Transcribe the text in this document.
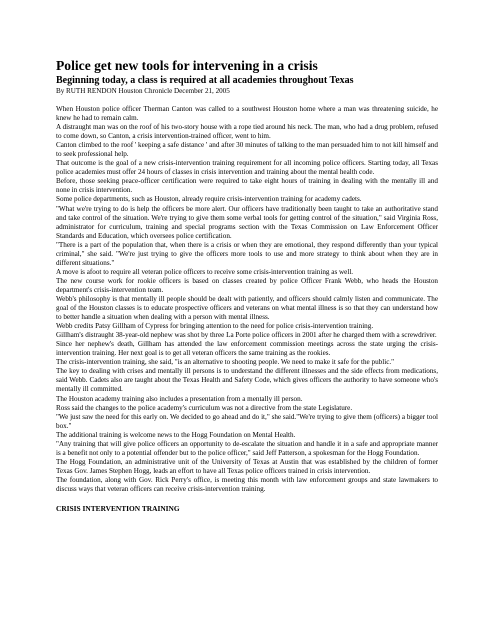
Police get new tools for intervening in a crisis
Beginning today, a class is required at all academies throughout Texas
By RUTH RENDON Houston Chronicle December 21, 2005

When Houston police officer Therman Canton was called to a southwest Houston home where a man was threatening suicide, he knew he had to remain calm.

A distraught man was on the roof of his two-story house with a rope tied around his neck. The man, who had a drug problem, refused to come down, so Canton, a crisis intervention-trained officer, went to him.

Canton climbed to the roof ' keeping a safe distance ' and after 30 minutes of talking to the man persuaded him to not kill himself and to seek professional help.

That outcome is the goal of a new crisis-intervention training requirement for all incoming police officers. Starting today, all Texas police academies must offer 24 hours of classes in crisis intervention and training about the mental health code.

Before, those seeking peace-officer certification were required to take eight hours of training in dealing with the mentally ill and none in crisis intervention.

Some police departments, such as Houston, already require crisis-intervention training for academy cadets.

"What we're trying to do is help the officers be more alert. Our officers have traditionally been taught to take an authoritative stand and take control of the situation. We're trying to give them some verbal tools for getting control of the situation," said Virginia Ross, administrator for curriculum, training and special programs section with the Texas Commission on Law Enforcement Officer Standards and Education, which oversees police certification.

"There is a part of the population that, when there is a crisis or when they are emotional, they respond differently than your typical criminal," she said. "We're just trying to give the officers more tools to use and more strategy to think about when they are in different situations."

A move is afoot to require all veteran police officers to receive some crisis-intervention training as well.

The new course work for rookie officers is based on classes created by police Officer Frank Webb, who heads the Houston department's crisis-intervention team.

Webb's philosophy is that mentally ill people should be dealt with patiently, and officers should calmly listen and communicate. The goal of the Houston classes is to educate prospective officers and veterans on what mental illness is so that they can understand how to better handle a situation when dealing with a person with mental illness.

Webb credits Patsy Gillham of Cypress for bringing attention to the need for police crisis-intervention training.

Gillham's distraught 38-year-old nephew was shot by three La Porte police officers in 2001 after he charged them with a screwdriver.

Since her nephew's death, Gillham has attended the law enforcement commission meetings across the state urging the crisis-intervention training. Her next goal is to get all veteran officers the same training as the rookies.

The crisis-intervention training, she said, "is an alternative to shooting people. We need to make it safe for the public."

The key to dealing with crises and mentally ill persons is to understand the different illnesses and the side effects from medications, said Webb. Cadets also are taught about the Texas Health and Safety Code, which gives officers the authority to have someone who's mentally ill committed.

The Houston academy training also includes a presentation from a mentally ill person.

Ross said the changes to the police academy's curriculum was not a directive from the state Legislature.

"We just saw the need for this early on. We decided to go ahead and do it," she said."We're trying to give them (officers) a bigger tool box."

The additional training is welcome news to the Hogg Foundation on Mental Health.

"Any training that will give police officers an opportunity to de-escalate the situation and handle it in a safe and appropriate manner is a benefit not only to a potential offender but to the police officer," said Jeff Patterson, a spokesman for the Hogg Foundation.

The Hogg Foundation, an administrative unit of the University of Texas at Austin that was established by the children of former Texas Gov. James Stephen Hogg, leads an effort to have all Texas police officers trained in crisis intervention.

The foundation, along with Gov. Rick Perry's office, is meeting this month with law enforcement groups and state lawmakers to discuss ways that veteran officers can receive crisis-intervention training.

CRISIS INTERVENTION TRAINING
